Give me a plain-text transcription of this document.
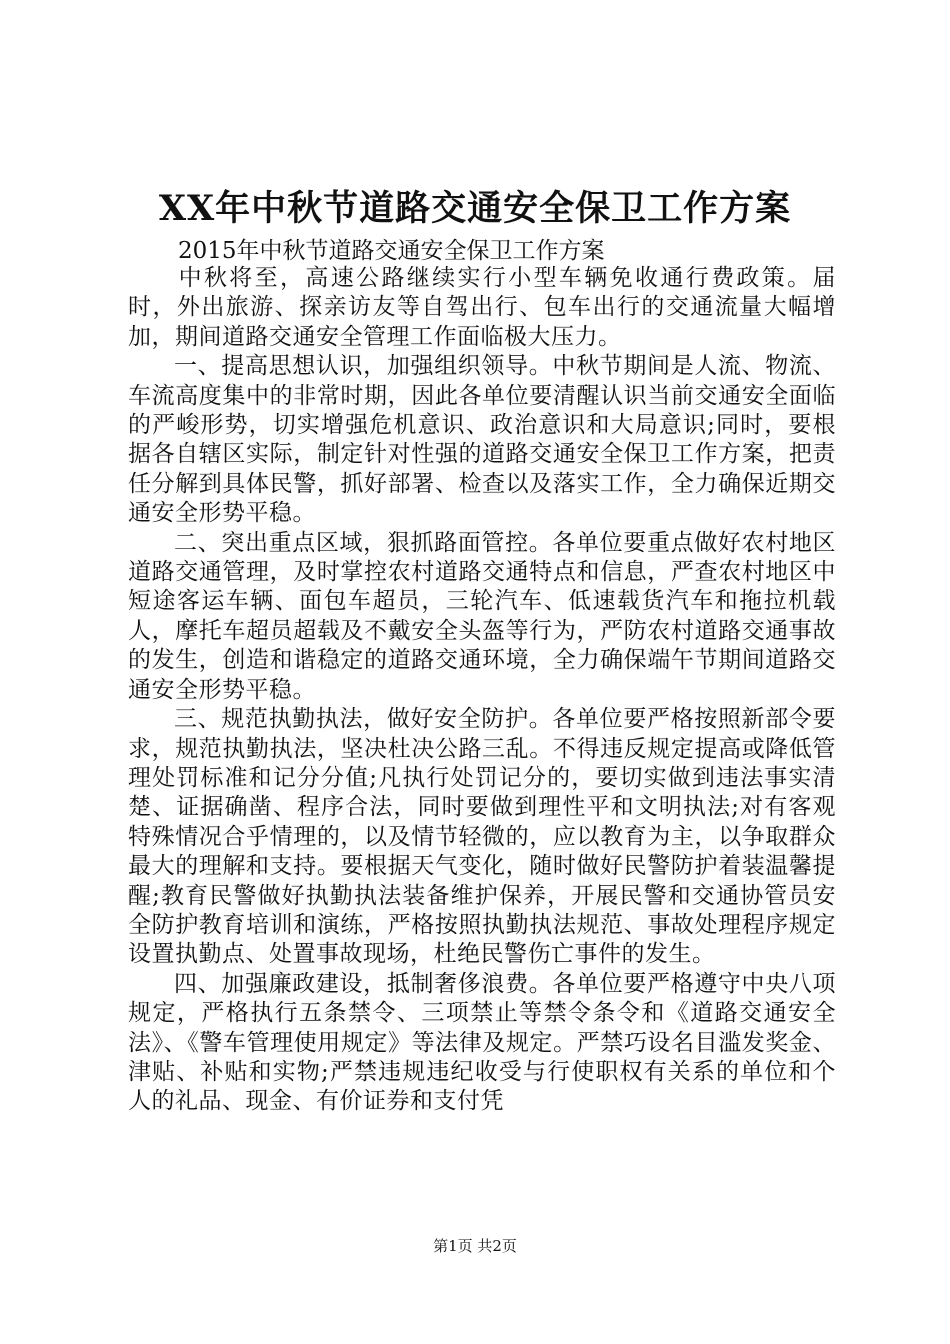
XX年中秋节道路交通安全保卫工作方案
2015年中秋节道路交通安全保卫工作方案

中秋将至，高速公路继续实行小型车辆免收通行费政策。届时，外出旅游、探亲访友等自驾出行、包车出行的交通流量大幅增加，期间道路交通安全管理工作面临极大压力。

一、提高思想认识，加强组织领导。中秋节期间是人流、物流、车流高度集中的非常时期，因此各单位要清醒认识当前交通安全面临的严峻形势，切实增强危机意识、政治意识和大局意识;同时，要根据各自辖区实际，制定针对性强的道路交通安全保卫工作方案，把责任分解到具体民警，抓好部署、检查以及落实工作，全力确保近期交通安全形势平稳。

二、突出重点区域，狠抓路面管控。各单位要重点做好农村地区道路交通管理，及时掌控农村道路交通特点和信息，严查农村地区中短途客运车辆、面包车超员，三轮汽车、低速载货汽车和拖拉机载人，摩托车超员超载及不戴安全头盔等行为，严防农村道路交通事故的发生，创造和谐稳定的道路交通环境，全力确保端午节期间道路交通安全形势平稳。

三、规范执勤执法，做好安全防护。各单位要严格按照新部令要求，规范执勤执法，坚决杜决公路三乱。不得违反规定提高或降低管理处罚标准和记分分值;凡执行处罚记分的，要切实做到违法事实清楚、证据确凿、程序合法，同时要做到理性平和文明执法;对有客观特殊情况合乎情理的，以及情节轻微的，应以教育为主，以争取群众最大的理解和支持。要根据天气变化，随时做好民警防护着装温馨提醒;教育民警做好执勤执法装备维护保养，开展民警和交通协管员安全防护教育培训和演练，严格按照执勤执法规范、事故处理程序规定设置执勤点、处置事故现场，杜绝民警伤亡事件的发生。

四、加强廉政建设，抵制奢侈浪费。各单位要严格遵守中央八项规定，严格执行五条禁令、三项禁止等禁令条令和《道路交通安全法》、《警车管理使用规定》等法律及规定。严禁巧设名目滥发奖金、津贴、补贴和实物;严禁违规违纪收受与行使职权有关系的单位和个人的礼品、现金、有价证券和支付凭

第1页 共2页
